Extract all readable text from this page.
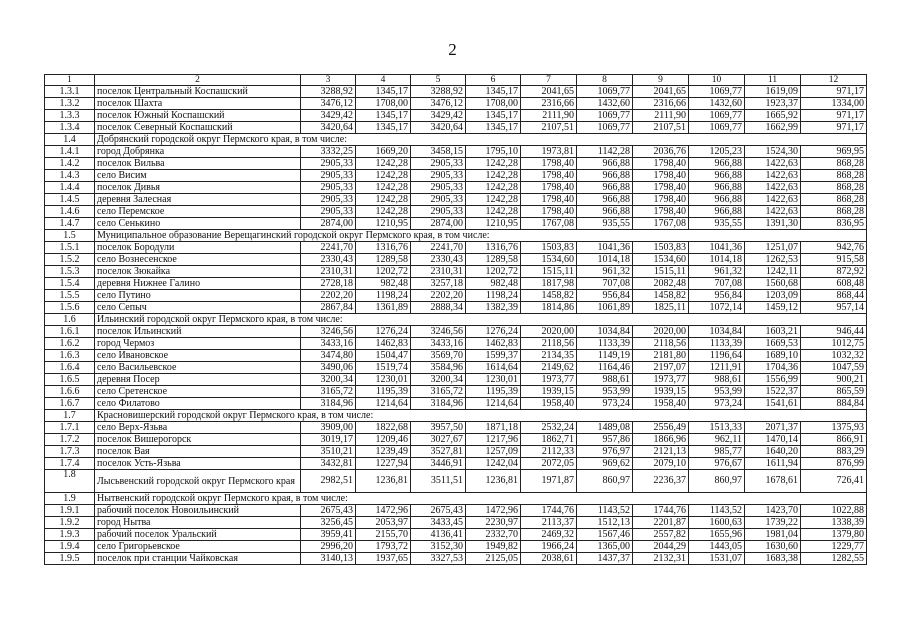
2
1	2	3	4	5	6	7	8	9	10	11	12
1.3.1	поселок Центральный Коспашский	3288,92	1345,17	3288,92	1345,17	2041,65	1069,77	2041,65	1069,77	1619,09	971,17
1.3.2	поселок Шахта	3476,12	1708,00	3476,12	1708,00	2316,66	1432,60	2316,66	1432,60	1923,37	1334,00
1.3.3	поселок Южный Коспашский	3429,42	1345,17	3429,42	1345,17	2111,90	1069,77	2111,90	1069,77	1665,92	971,17
1.3.4	поселок Северный Коспашский	3420,64	1345,17	3420,64	1345,17	2107,51	1069,77	2107,51	1069,77	1662,99	971,17
1.4	Добрянский городской округ Пермского края, в том числе:										
1.4.1	город Добрянка	3332,25	1669,20	3458,15	1795,10	1973,81	1142,28	2036,76	1205,23	1524,30	969,95
1.4.2	поселок Вильва	2905,33	1242,28	2905,33	1242,28	1798,40	966,88	1798,40	966,88	1422,63	868,28
1.4.3	село Висим	2905,33	1242,28	2905,33	1242,28	1798,40	966,88	1798,40	966,88	1422,63	868,28
1.4.4	поселок Дивья	2905,33	1242,28	2905,33	1242,28	1798,40	966,88	1798,40	966,88	1422,63	868,28
1.4.5	деревня Залесная	2905,33	1242,28	2905,33	1242,28	1798,40	966,88	1798,40	966,88	1422,63	868,28
1.4.6	село Перемское	2905,33	1242,28	2905,33	1242,28	1798,40	966,88	1798,40	966,88	1422,63	868,28
1.4.7	село Сенькино	2874,00	1210,95	2874,00	1210,95	1767,08	935,55	1767,08	935,55	1391,30	836,95
1.5	Муниципальное образование Верещагинский городской округ Пермского края, в том числе:										
1.5.1	поселок Бородули	2241,70	1316,76	2241,70	1316,76	1503,83	1041,36	1503,83	1041,36	1251,07	942,76
1.5.2	село Вознесенское	2330,43	1289,58	2330,43	1289,58	1534,60	1014,18	1534,60	1014,18	1262,53	915,58
1.5.3	поселок Зюкайка	2310,31	1202,72	2310,31	1202,72	1515,11	961,32	1515,11	961,32	1242,11	872,92
1.5.4	деревня Нижнее Галино	2728,18	982,48	3257,18	982,48	1817,98	707,08	2082,48	707,08	1560,68	608,48
1.5.5	село Путино	2202,20	1198,24	2202,20	1198,24	1458,82	956,84	1458,82	956,84	1203,09	868,44
1.5.6	село Сепыч	2867,84	1361,89	2888,34	1382,39	1814,86	1061,89	1825,11	1072,14	1459,12	957,14
1.6	Ильинский городской округ Пермского края, в том числе:										
1.6.1	поселок Ильинский	3246,56	1276,24	3246,56	1276,24	2020,00	1034,84	2020,00	1034,84	1603,21	946,44
1.6.2	город Чермоз	3433,16	1462,83	3433,16	1462,83	2118,56	1133,39	2118,56	1133,39	1669,53	1012,75
1.6.3	село Ивановское	3474,80	1504,47	3569,70	1599,37	2134,35	1149,19	2181,80	1196,64	1689,10	1032,32
1.6.4	село Васильевское	3490,06	1519,74	3584,96	1614,64	2149,62	1164,46	2197,07	1211,91	1704,36	1047,59
1.6.5	деревня Посер	3200,34	1230,01	3200,34	1230,01	1973,77	988,61	1973,77	988,61	1556,99	900,21
1.6.6	село Сретенское	3165,72	1195,39	3165,72	1195,39	1939,15	953,99	1939,15	953,99	1522,37	865,59
1.6.7	село Филатово	3184,96	1214,64	3184,96	1214,64	1958,40	973,24	1958,40	973,24	1541,61	884,84
1.7	Красновишерский городской округ Пермского края, в том числе:										
1.7.1	село Верх-Язьва	3909,00	1822,68	3957,50	1871,18	2532,24	1489,08	2556,49	1513,33	2071,37	1375,93
1.7.2	поселок Вишерогорск	3019,17	1209,46	3027,67	1217,96	1862,71	957,86	1866,96	962,11	1470,14	866,91
1.7.3	поселок Вая	3510,21	1239,49	3527,81	1257,09	2112,33	976,97	2121,13	985,77	1640,20	883,29
1.7.4	поселок Усть-Язьва	3432,81	1227,94	3446,91	1242,04	2072,05	969,62	2079,10	976,67	1611,94	876,99
1.8	Лысьвенский городской округ Пермского края	2982,51	1236,81	3511,51	1236,81	1971,87	860,97	2236,37	860,97	1678,61	726,41
1.9	Нытвенский городской округ Пермского края, в том числе:										
1.9.1	рабочий поселок Новоильинский	2675,43	1472,96	2675,43	1472,96	1744,76	1143,52	1744,76	1143,52	1423,70	1022,88
1.9.2	город Нытва	3256,45	2053,97	3433,45	2230,97	2113,37	1512,13	2201,87	1600,63	1739,22	1338,39
1.9.3	рабочий поселок Уральский	3959,41	2155,70	4136,41	2332,70	2469,32	1567,46	2557,82	1655,96	1981,04	1379,80
1.9.4	село Григорьевское	2996,20	1793,72	3152,30	1949,82	1966,24	1365,00	2044,29	1443,05	1630,60	1229,77
1.9.5	поселок при станции Чайковская	3140,13	1937,65	3327,53	2125,05	2038,61	1437,37	2132,31	1531,07	1683,38	1282,55
